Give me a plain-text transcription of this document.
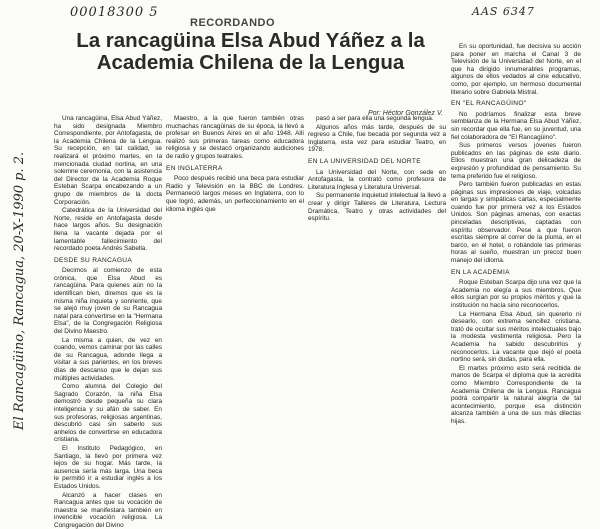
00018300 5	AAS 6347
El Rancagüino, Rancagua, 20-X-1990 p. 2.
RECORDANDO
La rancagüina Elsa Abud Yáñez a la Academia Chilena de la Lengua
Por: Héctor González V.

Una rancagüina, Elsa Abud Yáñez, ha sido designada Miembro Correspondiente, por Antofagasta, de la Academia Chilena de la Lengua. Su recepción, en tal calidad, se realizará el próximo martes, en la mencionada ciudad nortina, en una solemne ceremonia, con la asistencia del Director de la Academia Roque Esteban Scarpa encabezando a un grupo de miembros de la docta Corporación.

Catedrática de la Universidad del Norte, reside en Antofagasta desde hace largos años. Su designación llena la vacante dejada por el lamentable fallecimiento del recordado poeta Andrés Sabella.

DESDE SU RANCAGUA

Decimos al comienzo de esta crónica, que Elsa Abud es rancagüina. Para quienes aún no la identifican bien, diremos que es la misma niña inquieta y sonriente, que se alejó muy joven de su Rancagua natal para convertirse en la "Hermana Elsa", de la Congregación Religiosa del Divino Maestro.

La misma a quien, de vez en cuando, vemos caminar por las calles de su Rancagua, adonde llega a visitar a sus parientes, en los breves días de descanso que le dejan sus múltiples actividades.

Como alumna del Colegio del Sagrado Corazón, la niña Elsa demostró desde pequeña su clara inteligencia y su afán de saber. En sus profesoras, religiosas argentinas, descubrió casi sin saberlo sus anhelos de convertirse en educadora cristiana.

El Instituto Pedagógico, en Santiago, la llevó por primera vez lejos de su hogar. Más tarde, la ausencia sería más larga. Una beca le permitió ir a estudiar inglés a los Estados Unidos.

Alcanzó a hacer clases en Rancagua antes que su vocación de maestra se manifestara también en invencible vocación religiosa. La Congregación del Divino

Maestro, a la que fueron también otras muchachas rancagüinas de su época, la llevó a profesar en Buenos Aires en el año 1948. Allí realizó sus primeras tareas como educadora religiosa y se destacó organizando audiciones de radio y grupos teatrales.

EN INGLATERRA

Poco después recibió una beca para estudiar Radio y Televisión en la BBC de Londres. Permaneció largos meses en Inglaterra, con lo que logró, además, un perfeccionamiento en el idioma inglés que

pasó a ser para ella una segunda lengua.

Algunos años más tarde, después de su regreso a Chile, fue becada por segunda vez a Inglaterra, esta vez para estudiar Teatro, en 1978.

EN LA UNIVERSIDAD DEL NORTE

La Universidad del Norte, con sede en Antofagasta, la contrató como profesora de Literatura Inglesa y Literatura Universal.

Su permanente inquietud intelectual la llevó a crear y dirigir Talleres de Literatura, Lectura Dramática, Teatro y otras actividades del espíritu.

En su oportunidad, fue decisiva su acción para poner en marcha el Canal 3 de Televisión de la Universidad del Norte, en el que ha dirigido innumerables programas, algunos de ellos vedados al cine educativo, como, por ejemplo, un hermoso documental literario sobre Gabriela Mistral.

EN "EL RANCAGÜINO"

No podríamos finalizar esta breve semblanza de la Hermana Elsa Abud Yáñez, sin recordar que ella fue, en su juventud, una fiel colaboradora de "El Rancagüino".

Sus primeros versos jóvenes fueron publicados en las páginas de este diario. Ellos muestran una gran delicadeza de expresión y profundidad de pensamiento. Su tema preferido fue el religioso.

Pero también fueron publicadas en estas páginas sus impresiones de viaje, volcadas en largas y simpáticas cartas, especialmente cuando fue por primera vez a los Estados Unidos. Son páginas amenas, con exactas pinceladas descriptivas, captadas con espíritu observador. Pese a que fueron escritas siempre al correr de la pluma, en el barco, en el hotel, o robándole las primeras horas al sueño, muestran un precoz buen manejo del idioma.

EN LA ACADEMIA

Roque Esteban Scarpa dijo una vez que la Academia no elegía a sus miembros. Que ellos surgían por su propios méritos y que la institución no hacía sino reconocerlos.

La Hermana Elsa Abud, sin quererlo ni desearlo, con extrema sencillez cristiana, trató de ocultar sus méritos intelectuales bajo la modesta vestimenta religiosa. Pero la Academia ha sabido descubrirlos y reconocerlos. La vacante que dejó el poeta nortino será, sin dudas, para ella.

El martes próximo esto será recibida de manos de Scarpa el diploma que la acredita como Miembro Correspondiente de la Academia Chilena de la Lengua. Rancagua podrá compartir la natural alegría de tal acontecimiento, porque esa distinción alcanza también a una de sus más dilectas hijas.
